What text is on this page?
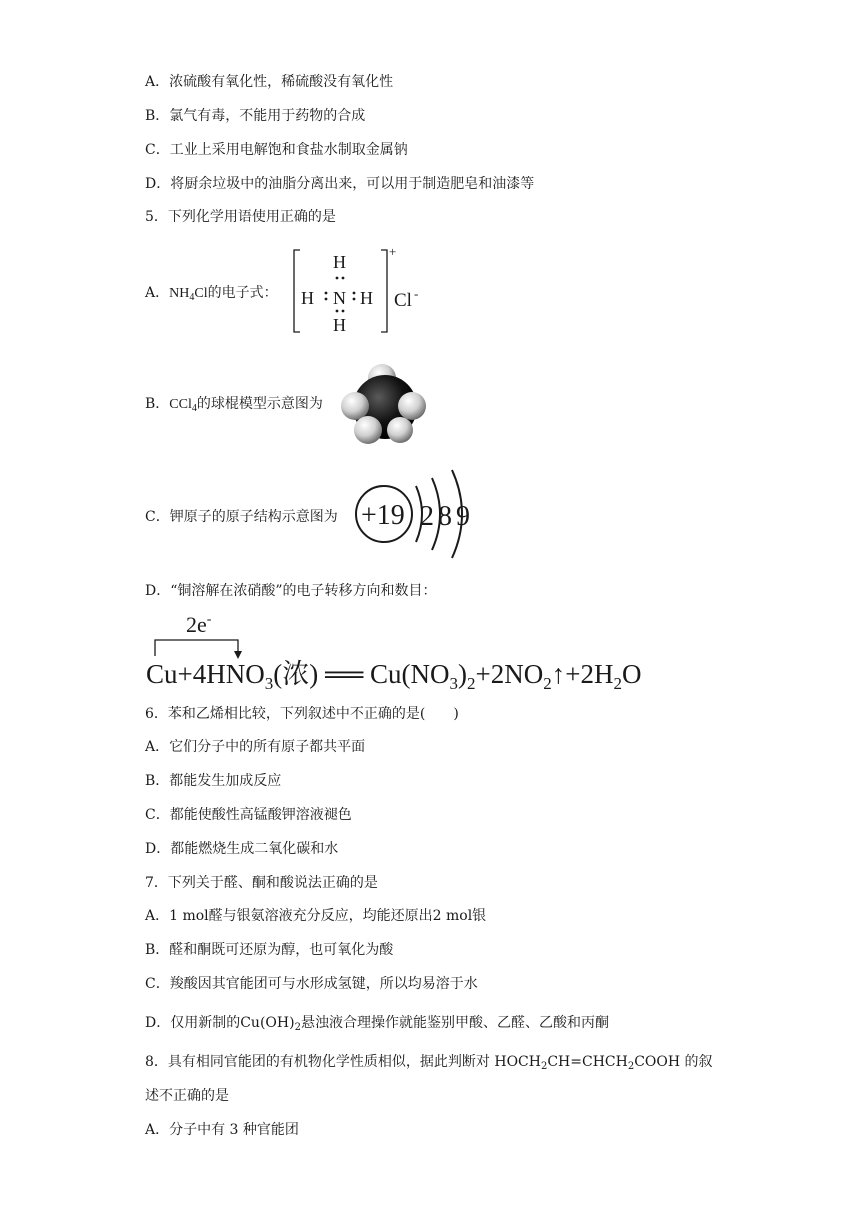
A．浓硫酸有氧化性，稀硫酸没有氧化性
B．氯气有毒，不能用于药物的合成
C．工业上采用电解饱和食盐水制取金属钠
D．将厨余垃圾中的油脂分离出来，可以用于制造肥皂和油漆等
5．下列化学用语使用正确的是
A．$NH_4Cl$的电子式：
H
H N H
H
+
Cl -
B．CCl$_4$的球棍模型示意图为
C．钾原子的原子结构示意图为 +19 2 8 9
D．“铜溶解在浓硝酸”的电子转移方向和数目：
2e-
$Cu+4HNO_3$(浓) ══ $Cu(NO_3)_2+2NO_2↑+2H_2O$
6．苯和乙烯相比较，下列叙述中不正确的是(　　)
A．它们分子中的所有原子都共平面
B．都能发生加成反应
C．都能使酸性高锰酸钾溶液褪色
D．都能燃烧生成二氧化碳和水
7．下列关于醛、酮和酸说法正确的是
A．1 mol醛与银氨溶液充分反应，均能还原出2 mol银
B．醛和酮既可还原为醇，也可氧化为酸
C．羧酸因其官能团可与水形成氢键，所以均易溶于水
D．仅用新制的$Cu(OH)_2$悬浊液合理操作就能鉴别甲酸、乙醛、乙酸和丙酮
8．具有相同官能团的有机物化学性质相似，据此判断对 $HOCH_2CH=CHCH_2COOH$ 的叙
述不正确的是
A．分子中有 3 种官能团
